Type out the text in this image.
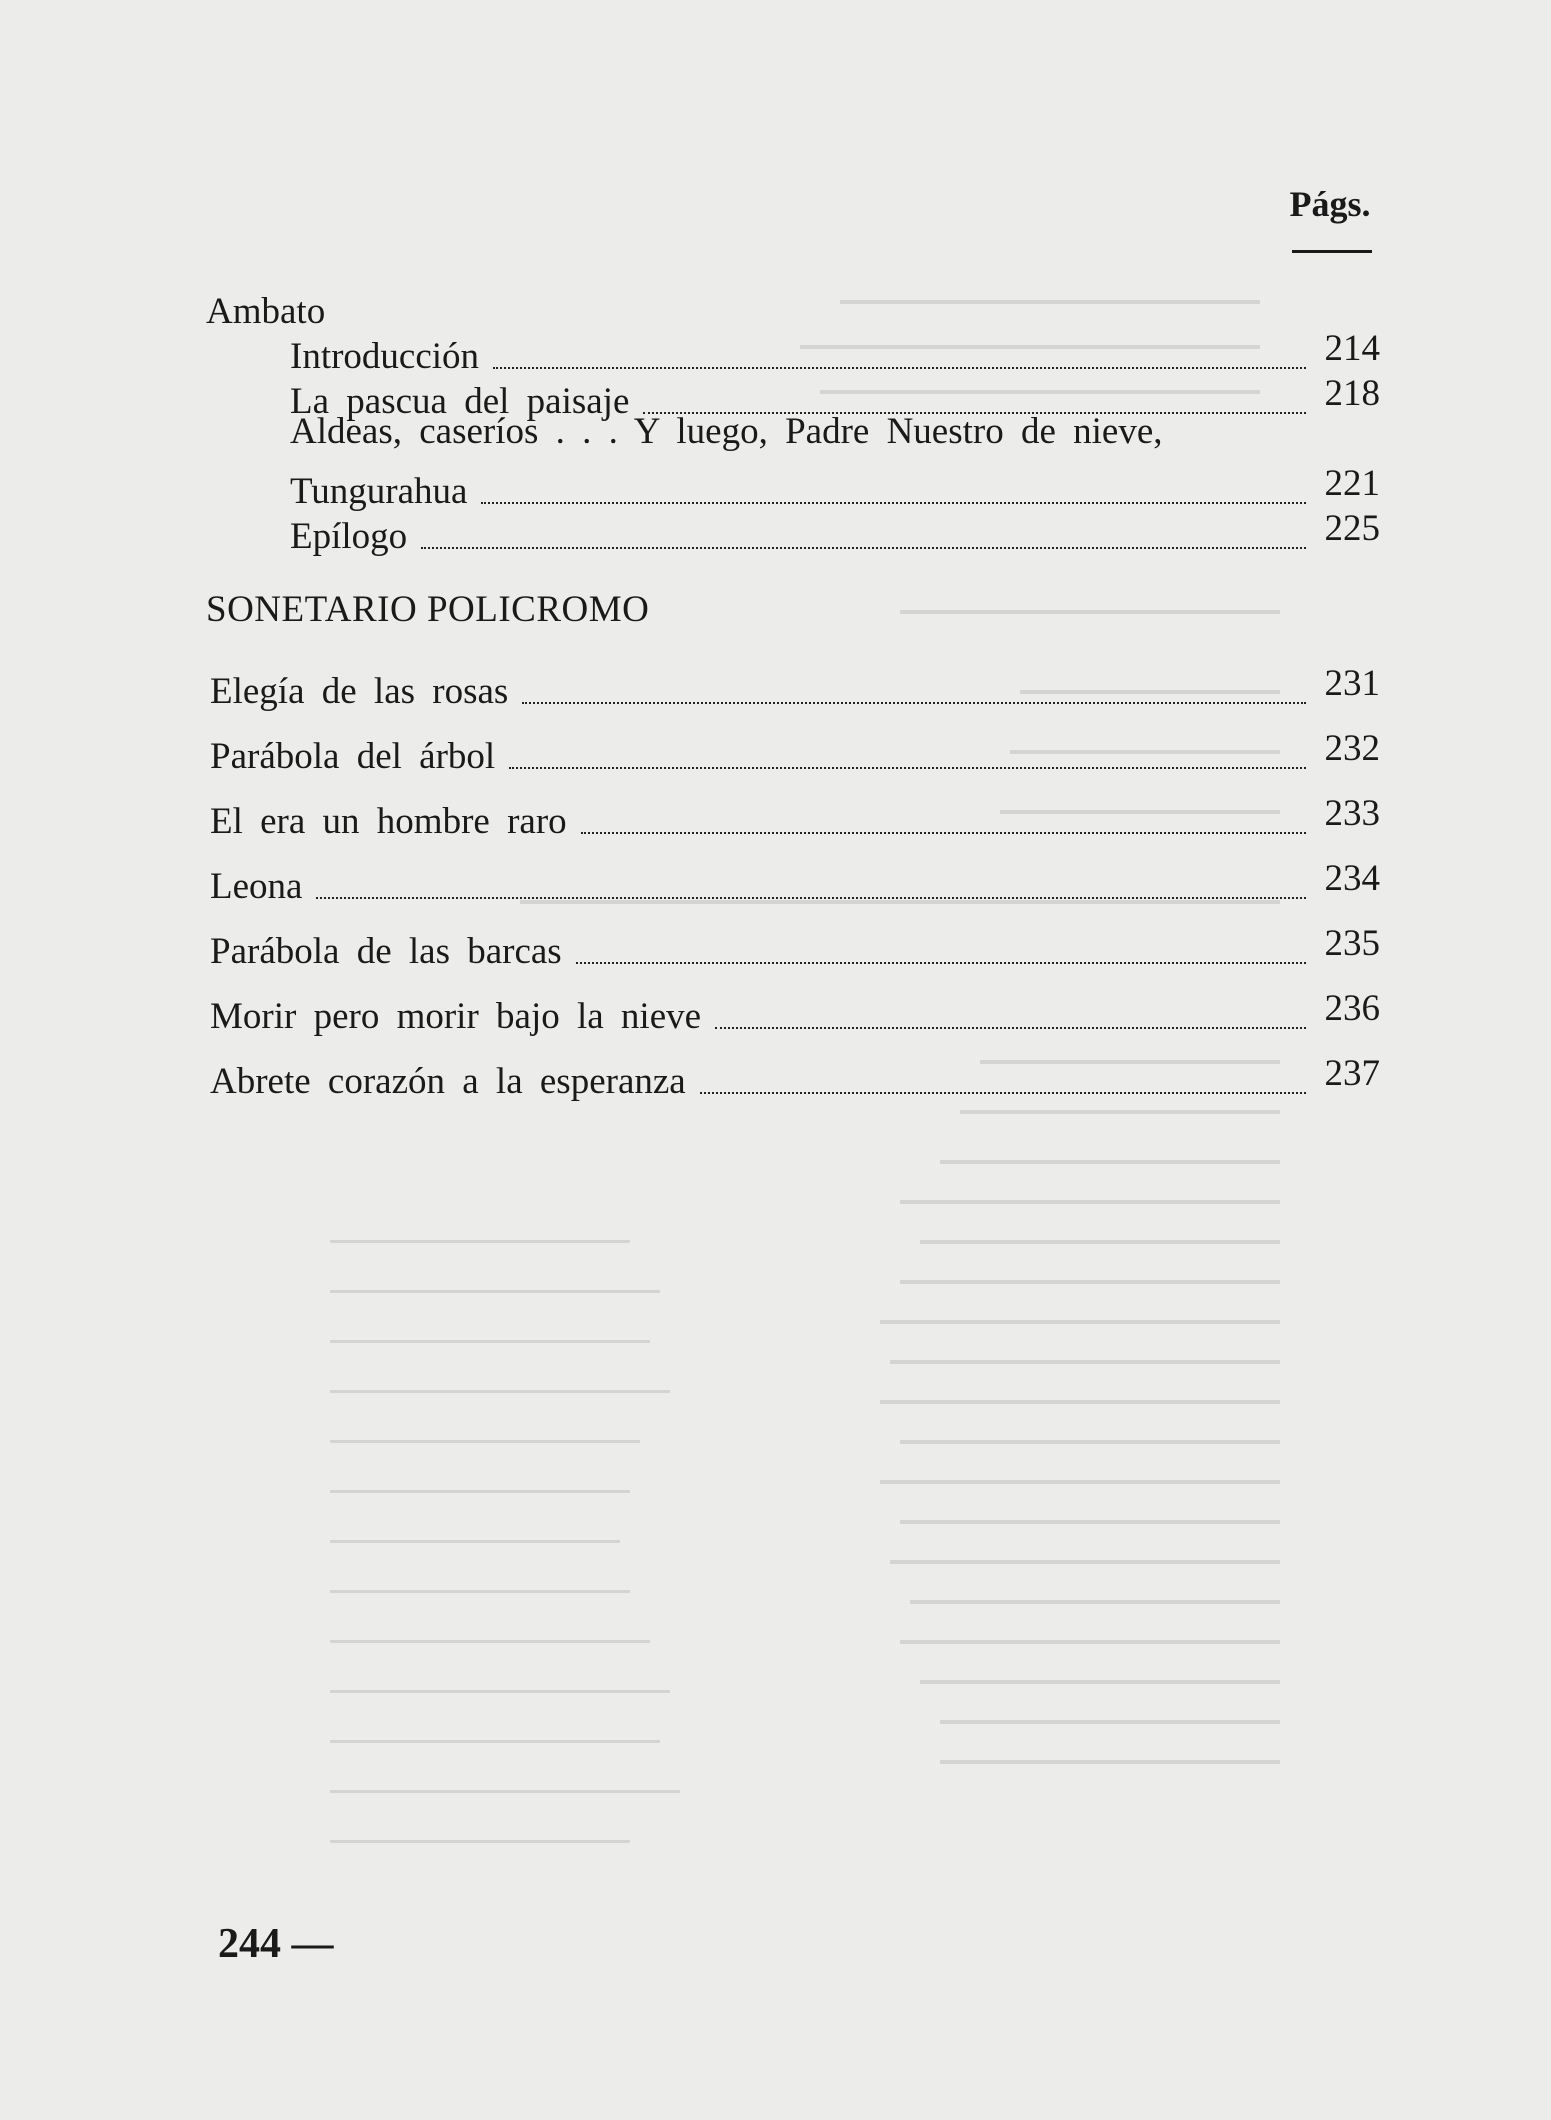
Págs.
Ambato
Introducción	214
La pascua del paisaje	218
Aldeas, caseríos . . . Y luego, Padre Nuestro de nieve,
Tungurahua	221
Epílogo	225
SONETARIO POLICROMO
Elegía de las rosas	231
Parábola del árbol	232
El era un hombre raro	233
Leona	234
Parábola de las barcas	235
Morir pero morir bajo la nieve	236
Abrete corazón a la esperanza	237
244 —
